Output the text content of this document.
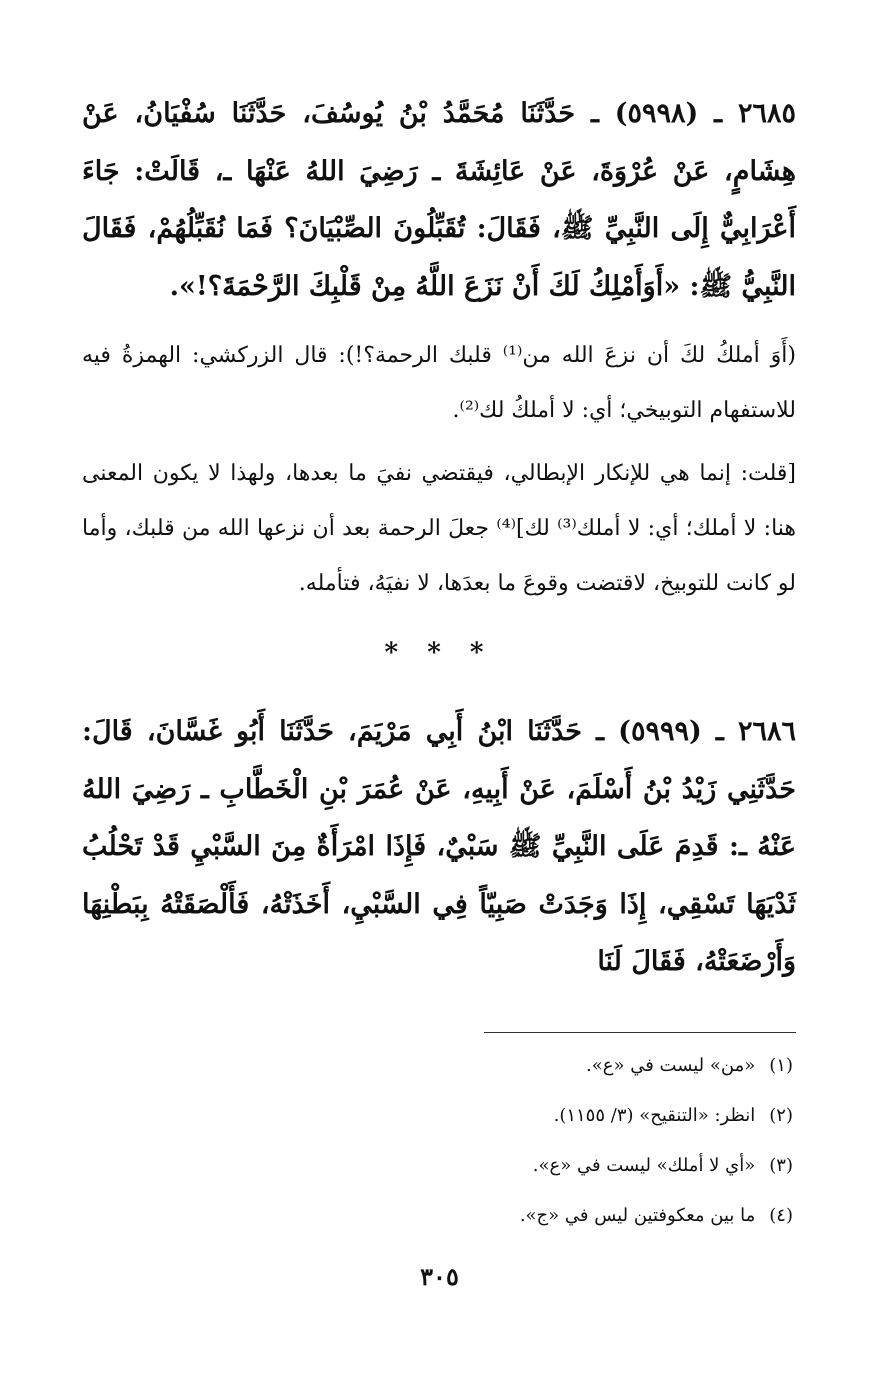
٢٦٨٥ ـ (٥٩٩٨) ـ حَدَّثَنَا مُحَمَّدُ بْنُ يُوسُفَ، حَدَّثَنَا سُفْيَانُ، عَنْ هِشَامٍ، عَنْ عُرْوَةَ، عَنْ عَائِشَةَ ـ رَضِيَ اللهُ عَنْهَا ـ، قَالَتْ: جَاءَ أَعْرَابِيٌّ إِلَى النَّبِيِّ ﷺ، فَقَالَ: تُقَبِّلُونَ الصِّبْيَانَ؟ فَمَا نُقَبِّلُهُمْ، فَقَالَ النَّبِيُّ ﷺ: «أَوَأَمْلِكُ لَكَ أَنْ نَزَعَ اللَّهُ مِنْ قَلْبِكَ الرَّحْمَةَ؟!».

(أَوَ أملكُ لكَ أن نزعَ الله من⁽¹⁾ قلبك الرحمة؟!): قال الزركشي: الهمزةُ فيه للاستفهام التوبيخي؛ أي: لا أملكُ لك⁽²⁾.

[قلت: إنما هي للإنكار الإبطالي، فيقتضي نفيَ ما بعدها، ولهذا لا يكون المعنى هنا: لا أملك؛ أي: لا أملك⁽³⁾ لك]⁽⁴⁾ جعلَ الرحمة بعد أن نزعها الله من قلبك، وأما لو كانت للتوبيخ، لاقتضت وقوعَ ما بعدَها، لا نفيَهُ، فتأمله.

* * *

٢٦٨٦ ـ (٥٩٩٩) ـ حَدَّثَنَا ابْنُ أَبِي مَرْيَمَ، حَدَّثَنَا أَبُو غَسَّانَ، قَالَ: حَدَّثَنِي زَيْدُ بْنُ أَسْلَمَ، عَنْ أَبِيهِ، عَنْ عُمَرَ بْنِ الْخَطَّابِ ـ رَضِيَ اللهُ عَنْهُ ـ: قَدِمَ عَلَى النَّبِيِّ ﷺ سَبْيٌ، فَإِذَا امْرَأَةٌ مِنَ السَّبْيِ قَدْ تَحْلُبُ ثَدْيَهَا تَسْقِي، إِذَا وَجَدَتْ صَبِيّاً فِي السَّبْيِ، أَخَذَتْهُ، فَأَلْصَقَتْهُ بِبَطْنِهَا وَأَرْضَعَتْهُ، فَقَالَ لَنَا

(١)
«من» ليست في «ع».
(٢)
انظر: «التنقيح» (٣/ ١١٥٥).
(٣)
«أي لا أملك» ليست في «ع».
(٤)
ما بين معكوفتين ليس في «ج».
٣٠٥
